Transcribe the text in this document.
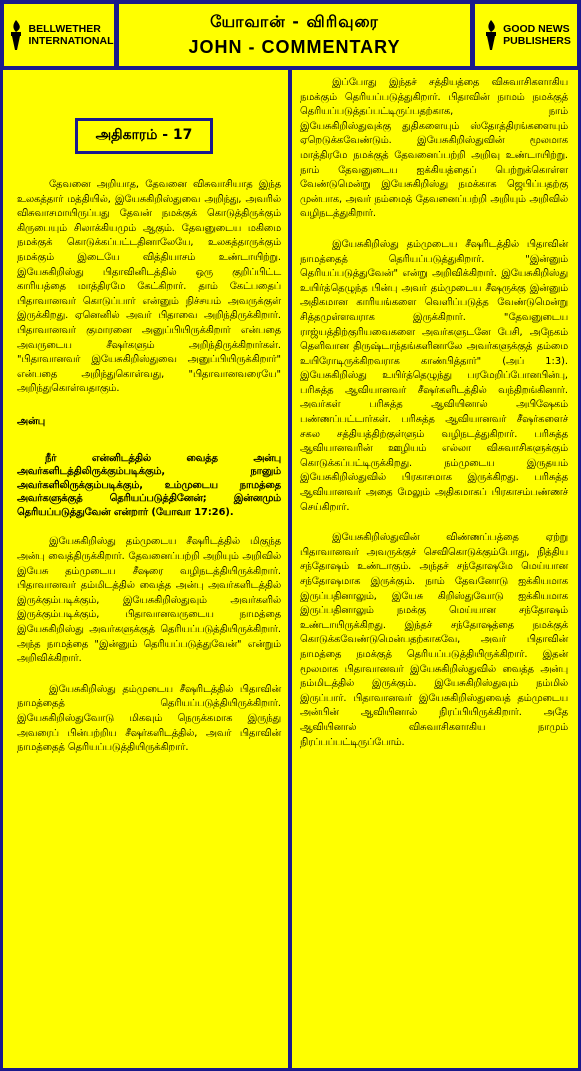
BELLWETHER
INTERNATIONAL
யோவான் - விரிவுரை
JOHN - COMMENTARY
GOOD NEWS
PUBLISHERS
அதிகாரம் - 17

தேவனை அறியாத, தேவனை விசுவாசியாத இந்த உலகத்தார் மத்தியில், இயேசுகிறிஸ்துவை அறிந்து, அவரில் விசுவாசமாயிருப்பது தேவன் நமக்குக் கொடுத்திருக்கும் கிருபையும் சிலாக்கியமும் ஆகும். தேவனுடைய மகிமை நமக்குக் கொடுக்கப்பட்டதினாலேயே, உலகத்தாருக்கும் நமக்கும் இடையே வித்தியாசம் உண்டாயிற்று. இயேசுகிறிஸ்து பிதாவினிடத்தில் ஒரு குறிப்பிட்ட காரியத்தை மாத்திரமே கேட்கிறார். தாம் கேட்பதைப் பிதாவானவர் கொடுப்பார் என்னும் நிச்சயம் அவருக்குள் இருக்கிறது. ஏனெனில் அவர் பிதாவை அறிந்திருக்கிறார். பிதாவானவர் குமாரனை அனுப்பியிருக்கிறார் என்பதை அவருடைய சீஷர்களும் அறிந்திருக்கிறார்கள். "பிதாவானவர் இயேசுகிறிஸ்துவை அனுப்பியிருக்கிறார்" என்பதை அறிந்துகொள்வது, "பிதாவானவரையே" அறிந்துகொள்வதாகும்.

அன்பு

நீர் என்னிடத்தில் வைத்த அன்பு அவர்களிடத்திலிருக்கும்படிக்கும், நானும் அவர்களிலிருக்கும்படிக்கும், உம்முடைய நாமத்தை அவர்களுக்குத் தெரியப்படுத்தினேன்; இன்னமும் தெரியப்படுத்துவேன் என்றார் (யோவா 17:26).

இயேசுகிறிஸ்து தம்முடைய சீஷரிடத்தில் மிகுந்த அன்பு வைத்திருக்கிறார். தேவனைப்பற்றி அறியும் அறிவில் இயேசு தம்முடைய சீஷரை வழிநடத்தியிருக்கிறார். பிதாவானவர் தம்மிடத்தில் வைத்த அன்பு அவர்களிடத்தில் இருக்கும்படிக்கும், இயேசுகிறிஸ்துவும் அவர்களில் இருக்கும்படிக்கும், பிதாவானவருடைய நாமத்தை இயேசுகிறிஸ்து அவர்களுக்குத் தெரியப்படுத்தியிருக்கிறார். அந்த நாமத்தை "இன்னும் தெரியப்படுத்துவேன்" என்றும் அறிவிக்கிறார்.

இயேசுகிறிஸ்து தம்முடைய சீஷரிடத்தில் பிதாவின் நாமத்தைத் தெரியப்படுத்தியிருக்கிறார். இயேசுகிறிஸ்துவோடு மிகவும் நெருக்கமாக இருந்து அவரைப் பின்பற்றிய சீஷர்களிடத்தில், அவர் பிதாவின் நாமத்தைத் தெரியப்படுத்தியிருக்கிறார்.

இப்போது இந்தச் சத்தியத்தை விசுவாசிகளாகிய நமக்கும் தெரியப்படுத்துகிறார். பிதாவின் நாமம் நமக்குத் தெரியப்படுத்தப்பட்டிருப்பதற்காக, நாம் இயேசுகிறிஸ்துவுக்கு துதிகளையும் ஸ்தோத்திரங்களையும் ஏறெடுக்கவேண்டும். இயேசுகிறிஸ்துவின் மூலமாக மாத்திரமே நமக்குத் தேவனைப்பற்றி அறிவு உண்டாயிற்று. நாம் தேவனுடைய ஐக்கியத்தைப் பெற்றுக்கொள்ள வேண்டுமென்று இயேசுகிறிஸ்து நமக்காக ஜெபிப்பதற்கு முன்பாக, அவர் நம்மைத் தேவனைப்பற்றி அறியும் அறிவில் வழிநடத்துகிறார்.

இயேசுகிறிஸ்து தம்முடைய சீஷரிடத்தில் பிதாவின் நாமத்தைத் தெரியப்படுத்துகிறார். "இன்னும் தெரியப்படுத்துவேன்" என்று அறிவிக்கிறார். இயேசுகிறிஸ்து உயிர்த்தெழுந்த பின்பு அவர் தம்முடைய சீஷருக்கு இன்னும் அதிகமான காரியங்களை வெளிப்படுத்த வேண்டுமென்று சித்தமுள்ளவராக இருக்கிறார். "தேவனுடைய ராஜ்யத்திற்குரியவைகளை அவர்களுடனே பேசி, அநேகம் தெளிவான திருஷ்டாந்தங்களினாலே அவர்களுக்குத் தம்மை உயிரோடிருக்கிறவராக காண்பித்தார்" (அப் 1:3). இயேசுகிறிஸ்து உயிர்த்தெழுந்து பரமேறிப்போனபின்பு, பரிசுத்த ஆவியானவர் சீஷர்களிடத்தில் வந்திறங்கினார். அவர்கள் பரிசுத்த ஆவியினால் அபிஷேகம் பண்ணப்பட்டார்கள். பரிசுத்த ஆவியானவர் சீஷர்களைச் சகல சத்தியத்திற்குள்ளும் வழிநடத்துகிறார். பரிசுத்த ஆவியானவரின் ஊழியம் எல்லா விசுவாசிகளுக்கும் கொடுக்கப்பட்டிருக்கிறது. நம்முடைய இருதயம் இயேசுகிறிஸ்துவில் பிரகாசமாக இருக்கிறது. பரிசுத்த ஆவியானவர் அதை மேலும் அதிகமாகப் பிரகாசம்பண்ணச் செய்கிறார்.

இயேசுகிறிஸ்துவின் விண்ணப்பத்தை ஏற்று பிதாவானவர் அவருக்குச் செவிகொடுக்கும்போது, நித்திய சந்தோஷம் உண்டாகும். அந்தச் சந்தோஷமே மெய்யான சந்தோஷமாக இருக்கும். நாம் தேவனோடு ஐக்கியமாக இருப்பதினாலும், இயேசு கிறிஸ்துவோடு ஐக்கியமாக இருப்பதினாலும் நமக்கு மெய்யான சந்தோஷம் உண்டாயிருக்கிறது. இந்தச் சந்தோஷத்தை நமக்குக் கொடுக்கவேண்டுமென்பதற்காகவே, அவர் பிதாவின் நாமத்தை நமக்குத் தெரியப்படுத்தியிருக்கிறார். இதன் மூலமாக பிதாவானவர் இயேசுகிறிஸ்துவில் வைத்த அன்பு நம்மிடத்தில் இருக்கும். இயேசுகிறிஸ்துவும் நம்மில் இருப்பார். பிதாவானவர் இயேசுகிறிஸ்துவைத் தம்முடைய அன்பின் ஆவியினால் நிரப்பியிருக்கிறார். அதே ஆவியினால் விசுவாசிகளாகிய நாமும் நிரப்பப்பட்டிருப்போம்.
